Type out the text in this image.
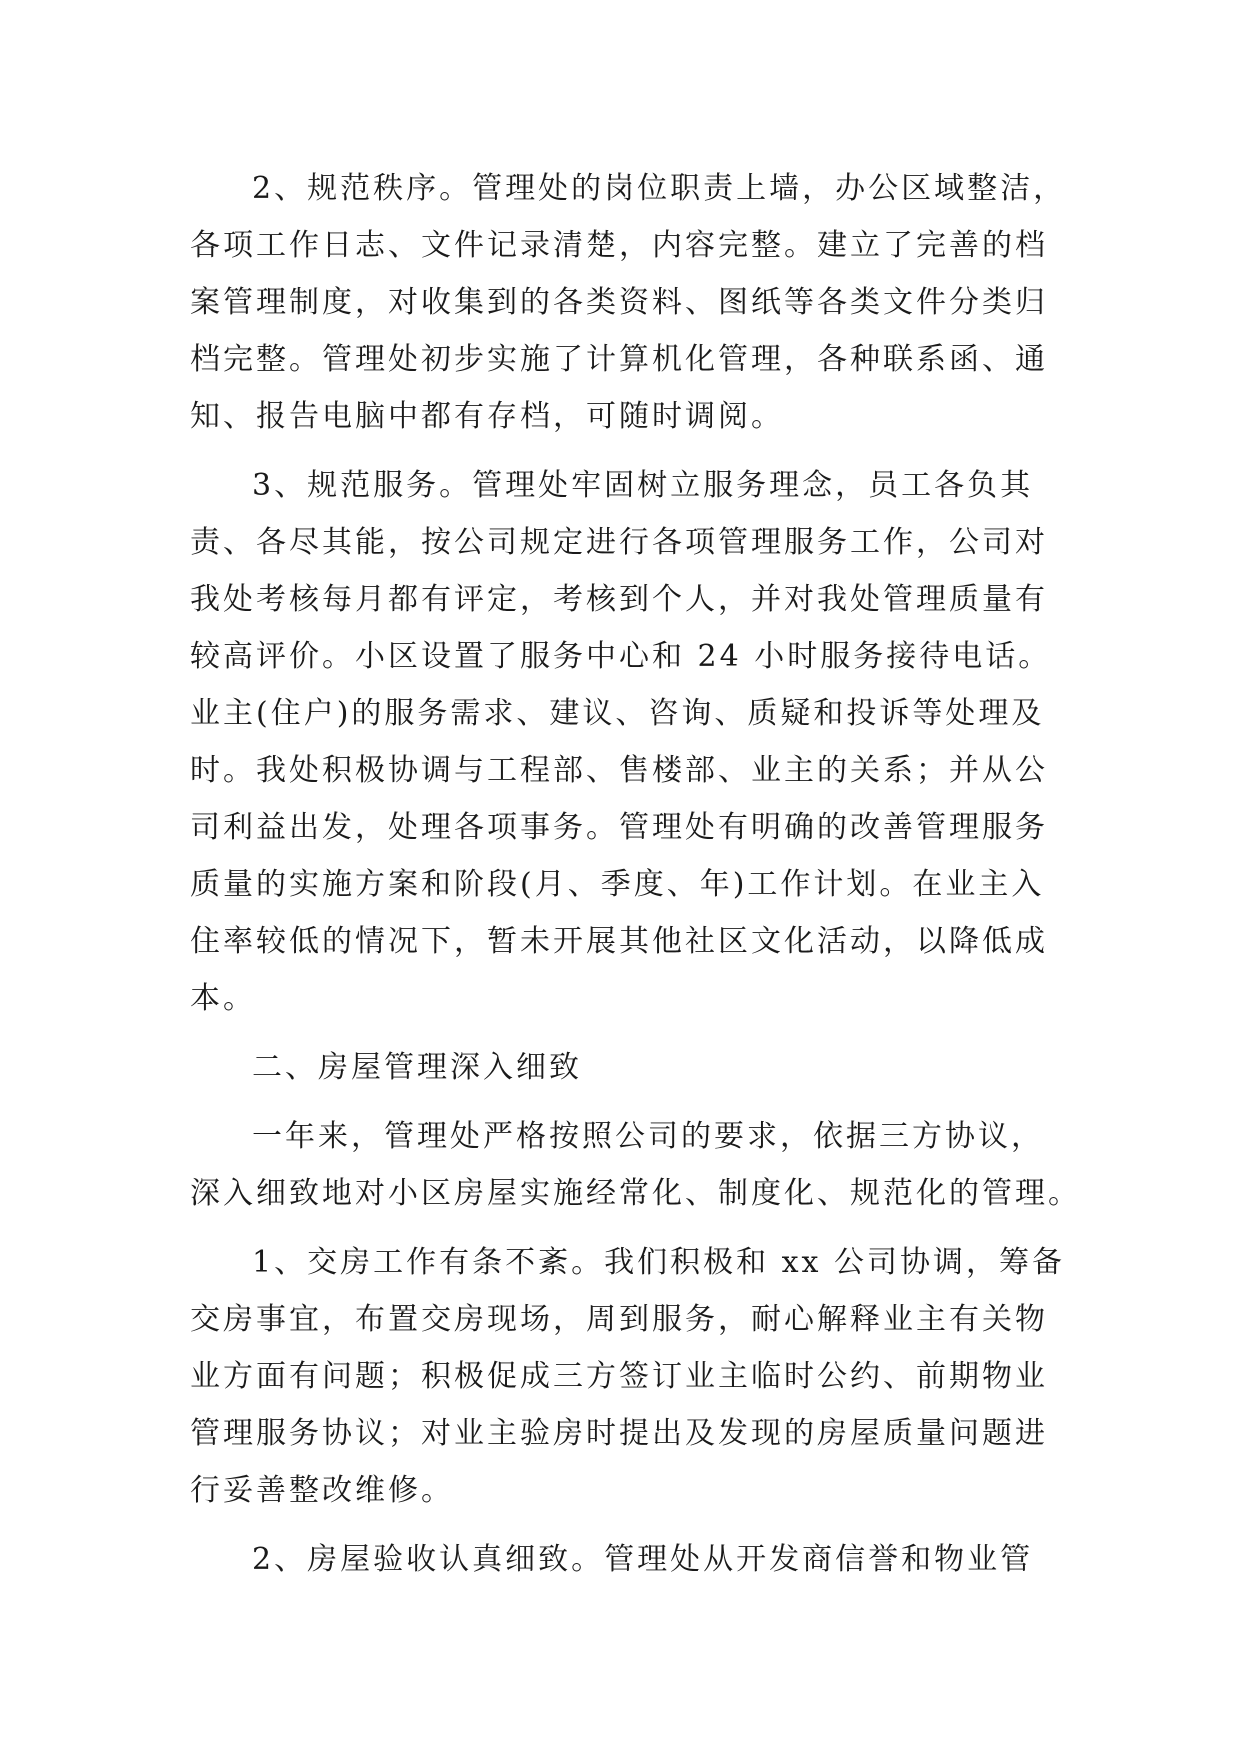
2、规范秩序。管理处的岗位职责上墙，办公区域整洁，
各项工作日志、文件记录清楚，内容完整。建立了完善的档
案管理制度，对收集到的各类资料、图纸等各类文件分类归
档完整。管理处初步实施了计算机化管理，各种联系函、通
知、报告电脑中都有存档，可随时调阅。
3、规范服务。管理处牢固树立服务理念，员工各负其
责、各尽其能，按公司规定进行各项管理服务工作，公司对
我处考核每月都有评定，考核到个人，并对我处管理质量有
较高评价。小区设置了服务中心和 24 小时服务接待电话。
业主(住户)的服务需求、建议、咨询、质疑和投诉等处理及
时。我处积极协调与工程部、售楼部、业主的关系；并从公
司利益出发，处理各项事务。管理处有明确的改善管理服务
质量的实施方案和阶段(月、季度、年)工作计划。在业主入
住率较低的情况下，暂未开展其他社区文化活动，以降低成
本。
二、房屋管理深入细致
一年来，管理处严格按照公司的要求，依据三方协议，
深入细致地对小区房屋实施经常化、制度化、规范化的管理。
1、交房工作有条不紊。我们积极和 xx 公司协调，筹备
交房事宜，布置交房现场，周到服务，耐心解释业主有关物
业方面有问题；积极促成三方签订业主临时公约、前期物业
管理服务协议；对业主验房时提出及发现的房屋质量问题进
行妥善整改维修。
2、房屋验收认真细致。管理处从开发商信誉和物业管
